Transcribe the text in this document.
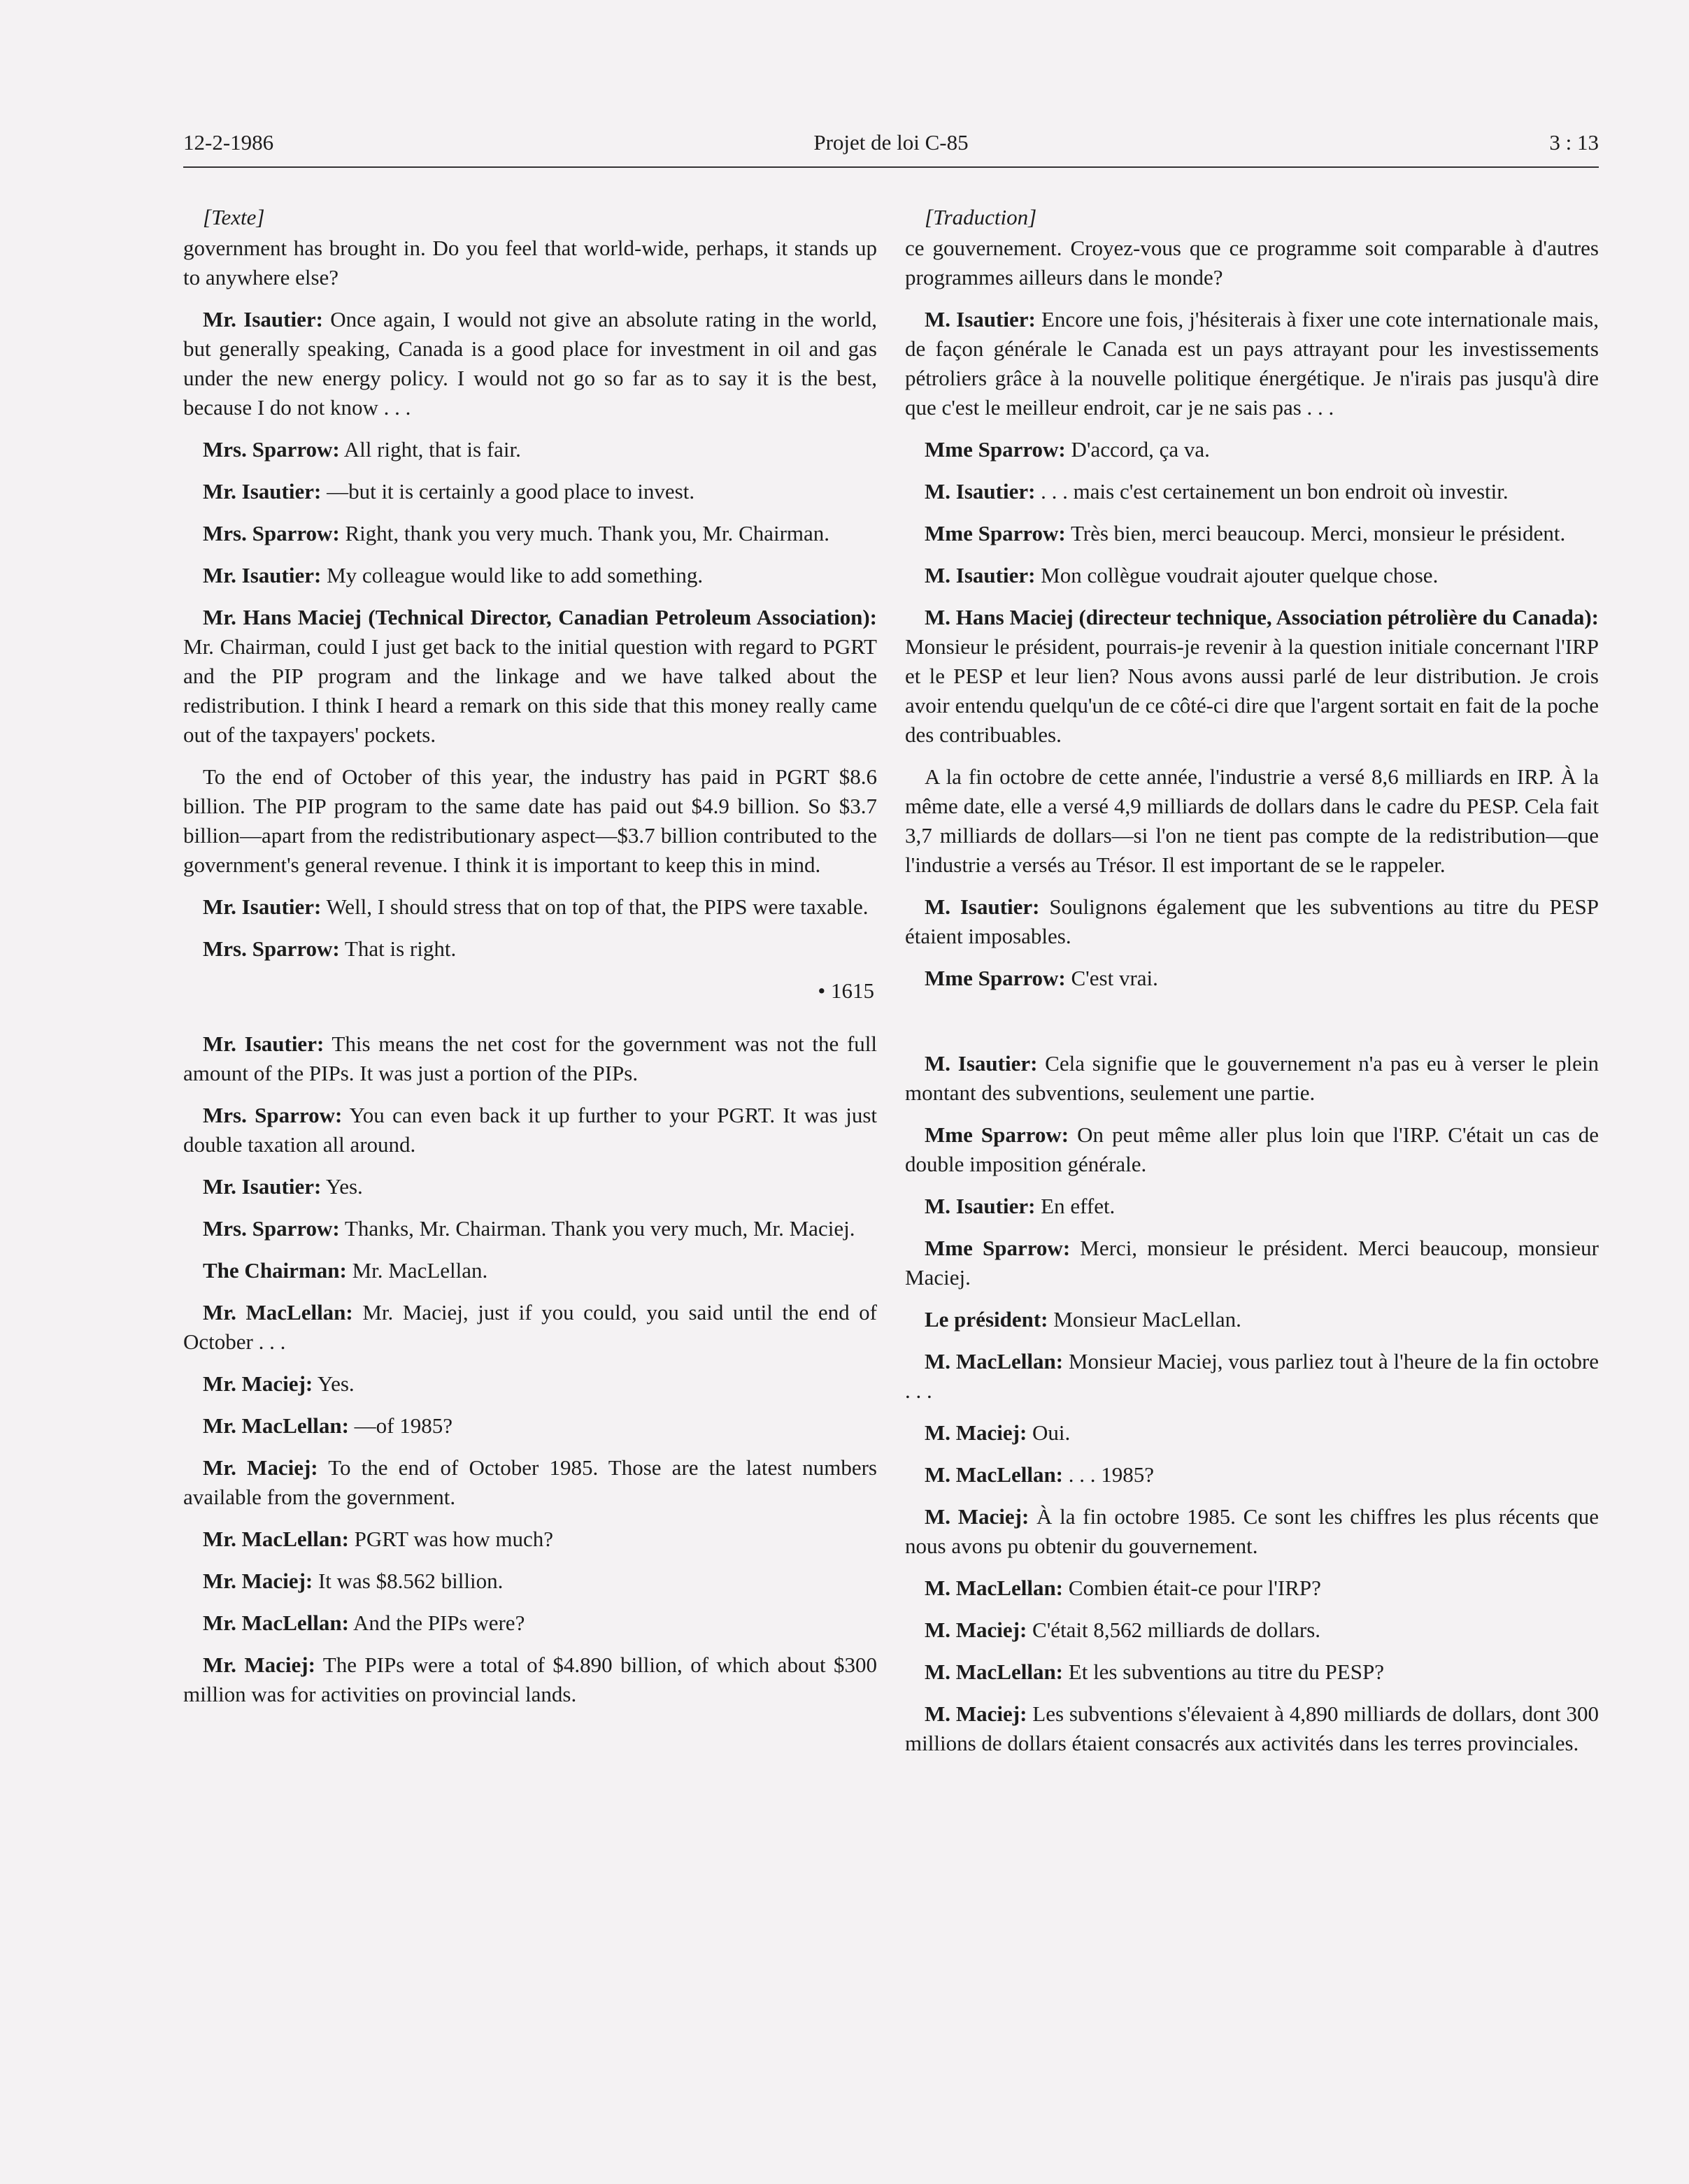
12-2-1986	Projet de loi C-85	3 : 13
[Texte]

government has brought in. Do you feel that world-wide, perhaps, it stands up to anywhere else?

Mr. Isautier: Once again, I would not give an absolute rating in the world, but generally speaking, Canada is a good place for investment in oil and gas under the new energy policy. I would not go so far as to say it is the best, because I do not know . . .

Mrs. Sparrow: All right, that is fair.

Mr. Isautier: —but it is certainly a good place to invest.

Mrs. Sparrow: Right, thank you very much. Thank you, Mr. Chairman.

Mr. Isautier: My colleague would like to add something.

Mr. Hans Maciej (Technical Director, Canadian Petroleum Association): Mr. Chairman, could I just get back to the initial question with regard to PGRT and the PIP program and the linkage and we have talked about the redistribution. I think I heard a remark on this side that this money really came out of the taxpayers' pockets.

To the end of October of this year, the industry has paid in PGRT $8.6 billion. The PIP program to the same date has paid out $4.9 billion. So $3.7 billion—apart from the redistributionary aspect—$3.7 billion contributed to the government's general revenue. I think it is important to keep this in mind.

Mr. Isautier: Well, I should stress that on top of that, the PIPS were taxable.

Mrs. Sparrow: That is right.

• 1615

Mr. Isautier: This means the net cost for the government was not the full amount of the PIPs. It was just a portion of the PIPs.

Mrs. Sparrow: You can even back it up further to your PGRT. It was just double taxation all around.

Mr. Isautier: Yes.

Mrs. Sparrow: Thanks, Mr. Chairman. Thank you very much, Mr. Maciej.

The Chairman: Mr. MacLellan.

Mr. MacLellan: Mr. Maciej, just if you could, you said until the end of October . . .

Mr. Maciej: Yes.

Mr. MacLellan: —of 1985?

Mr. Maciej: To the end of October 1985. Those are the latest numbers available from the government.

Mr. MacLellan: PGRT was how much?

Mr. Maciej: It was $8.562 billion.

Mr. MacLellan: And the PIPs were?

Mr. Maciej: The PIPs were a total of $4.890 billion, of which about $300 million was for activities on provincial lands.

[Traduction]

ce gouvernement. Croyez-vous que ce programme soit comparable à d'autres programmes ailleurs dans le monde?

M. Isautier: Encore une fois, j'hésiterais à fixer une cote internationale mais, de façon générale le Canada est un pays attrayant pour les investissements pétroliers grâce à la nouvelle politique énergétique. Je n'irais pas jusqu'à dire que c'est le meilleur endroit, car je ne sais pas . . .

Mme Sparrow: D'accord, ça va.

M. Isautier: . . . mais c'est certainement un bon endroit où investir.

Mme Sparrow: Très bien, merci beaucoup. Merci, monsieur le président.

M. Isautier: Mon collègue voudrait ajouter quelque chose.

M. Hans Maciej (directeur technique, Association pétrolière du Canada): Monsieur le président, pourrais-je revenir à la question initiale concernant l'IRP et le PESP et leur lien? Nous avons aussi parlé de leur distribution. Je crois avoir entendu quelqu'un de ce côté-ci dire que l'argent sortait en fait de la poche des contribuables.

A la fin octobre de cette année, l'industrie a versé 8,6 milliards en IRP. À la même date, elle a versé 4,9 milliards de dollars dans le cadre du PESP. Cela fait 3,7 milliards de dollars—si l'on ne tient pas compte de la redistribution—que l'industrie a versés au Trésor. Il est important de se le rappeler.

M. Isautier: Soulignons également que les subventions au titre du PESP étaient imposables.

Mme Sparrow: C'est vrai.

M. Isautier: Cela signifie que le gouvernement n'a pas eu à verser le plein montant des subventions, seulement une partie.

Mme Sparrow: On peut même aller plus loin que l'IRP. C'était un cas de double imposition générale.

M. Isautier: En effet.

Mme Sparrow: Merci, monsieur le président. Merci beaucoup, monsieur Maciej.

Le président: Monsieur MacLellan.

M. MacLellan: Monsieur Maciej, vous parliez tout à l'heure de la fin octobre . . .

M. Maciej: Oui.

M. MacLellan: . . . 1985?

M. Maciej: À la fin octobre 1985. Ce sont les chiffres les plus récents que nous avons pu obtenir du gouvernement.

M. MacLellan: Combien était-ce pour l'IRP?

M. Maciej: C'était 8,562 milliards de dollars.

M. MacLellan: Et les subventions au titre du PESP?

M. Maciej: Les subventions s'élevaient à 4,890 milliards de dollars, dont 300 millions de dollars étaient consacrés aux activités dans les terres provinciales.
